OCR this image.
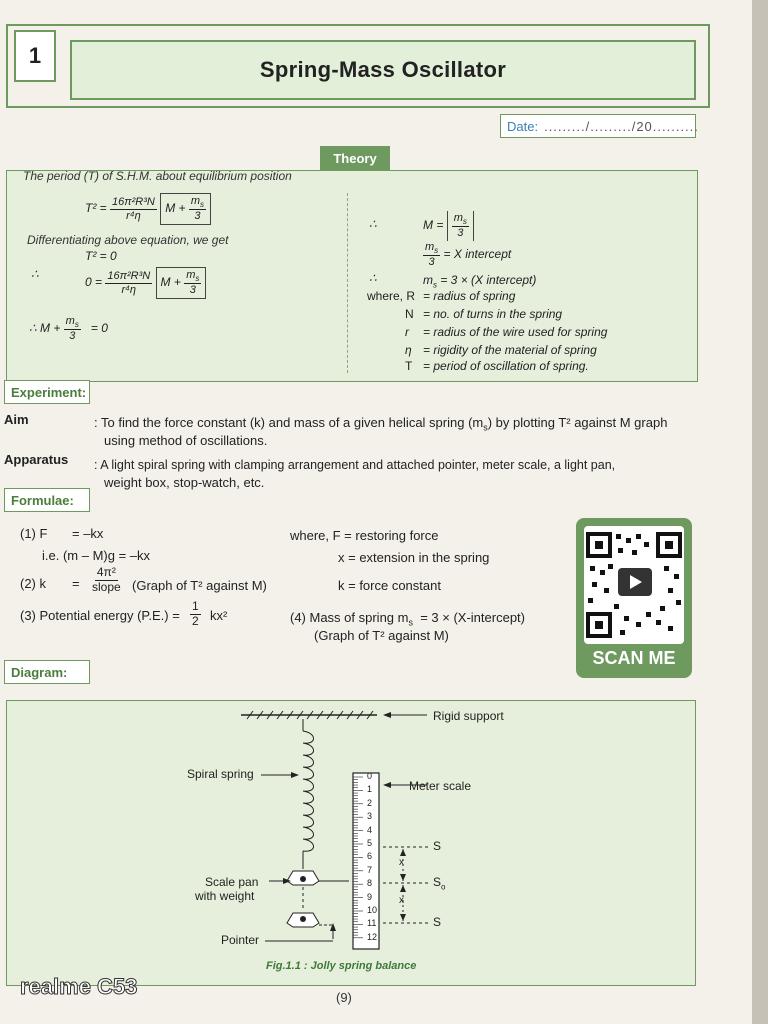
1
Spring-Mass Oscillator
Date: ........./........./20..........
Theory
The period (T) of S.H.M. about equilibrium position
$T^2 = \frac{\text{16π²R³N}}{\text{r⁴η}}$ $M + \frac{m_s}{3}$
Differentiating above equation, we get
T² = 0
∴
$0 = \frac{\text{16π²R³N}}{\text{r⁴η}}$ $M + \frac{m_s}{3}$
∴ $M + \frac{m_s}{3} = 0$
∴	$M = \frac{m_s}{3}$
$\frac{m_s}{3} = X$ intercept
∴	$m_s = 3 \times (X$ intercept)
where, R = radius of spring
N = no. of turns in the spring
r = radius of the wire used for spring
η = rigidity of the material of spring
T = period of oscillation of spring.
Experiment:
Aim	: To find the force constant (k) and mass of a given helical spring $(m_s)$ by plotting T² against M graph
using method of oscillations.
Apparatus : A light spiral spring with clamping arrangement and attached pointer, meter scale, a light pan,
weight box, stop-watch, etc.
Formulae:
(1) F = –kx
i.e. (m – M)g = –kx
(2) $k = \frac{\text{4π²}}{\text{slope}}$ (Graph of T² against M)
(3) Potential energy $(P.E.) = \frac{1}{2} kx^2$
where, F = restoring force
x = extension in the spring
k = force constant
(4) Mass of spring $m_s = 3$ × (X-intercept)
(Graph of T² against M)
SCAN ME
Diagram:
Rigid support
Spiral spring
Meter scale
Scale pan
with weight
Pointer
S
$S_o$
S
x
x
0
1
2
3
4
5
6
7
8
9
10
11
12
Fig.1.1 : Jolly spring balance
(9)
realme C53
